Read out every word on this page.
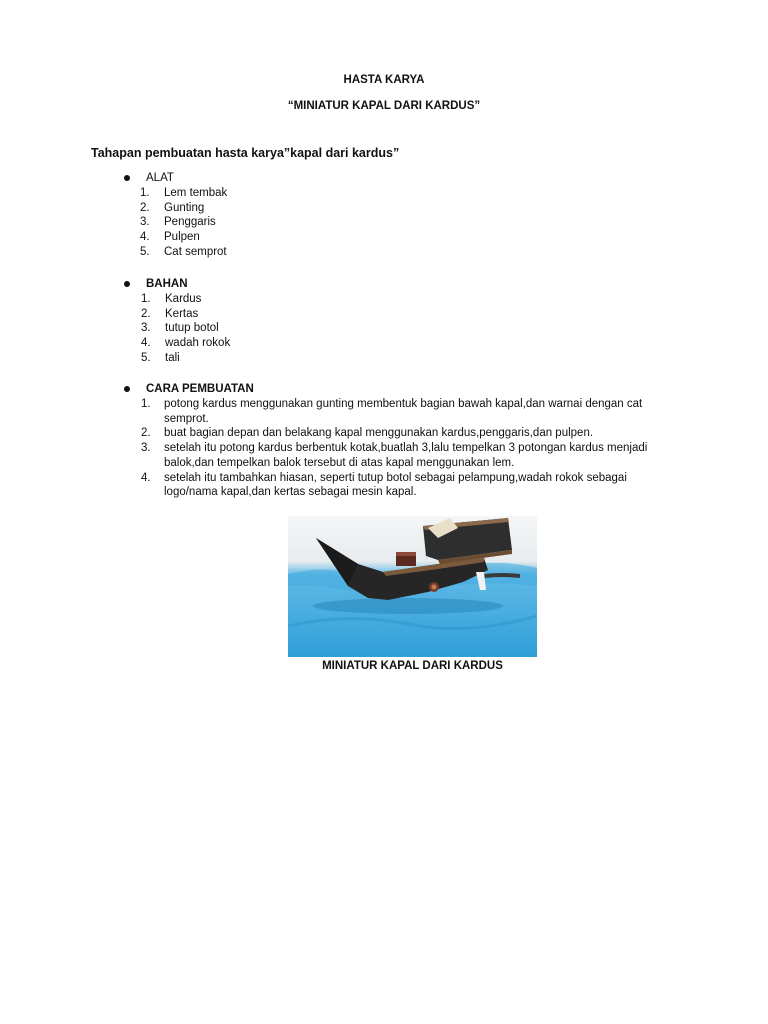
HASTA KARYA
“MINIATUR KAPAL DARI KARDUS”
Tahapan pembuatan hasta karya”kapal dari kardus”
ALAT
1. Lem tembak
2. Gunting
3. Penggaris
4. Pulpen
5. Cat semprot
BAHAN
1. Kardus
2. Kertas
3. tutup botol
4. wadah rokok
5. tali
CARA PEMBUATAN
1. potong kardus menggunakan gunting membentuk bagian bawah kapal,dan warnai dengan cat semprot.
2. buat bagian depan dan belakang kapal menggunakan kardus,penggaris,dan pulpen.
3. setelah itu potong kardus berbentuk kotak,buatlah 3,lalu tempelkan 3 potongan kardus menjadi balok,dan tempelkan balok tersebut di atas kapal menggunakan lem.
4. setelah itu tambahkan hiasan, seperti tutup botol sebagai pelampung,wadah rokok sebagai logo/nama kapal,dan kertas sebagai mesin kapal.
MINIATUR KAPAL DARI KARDUS
